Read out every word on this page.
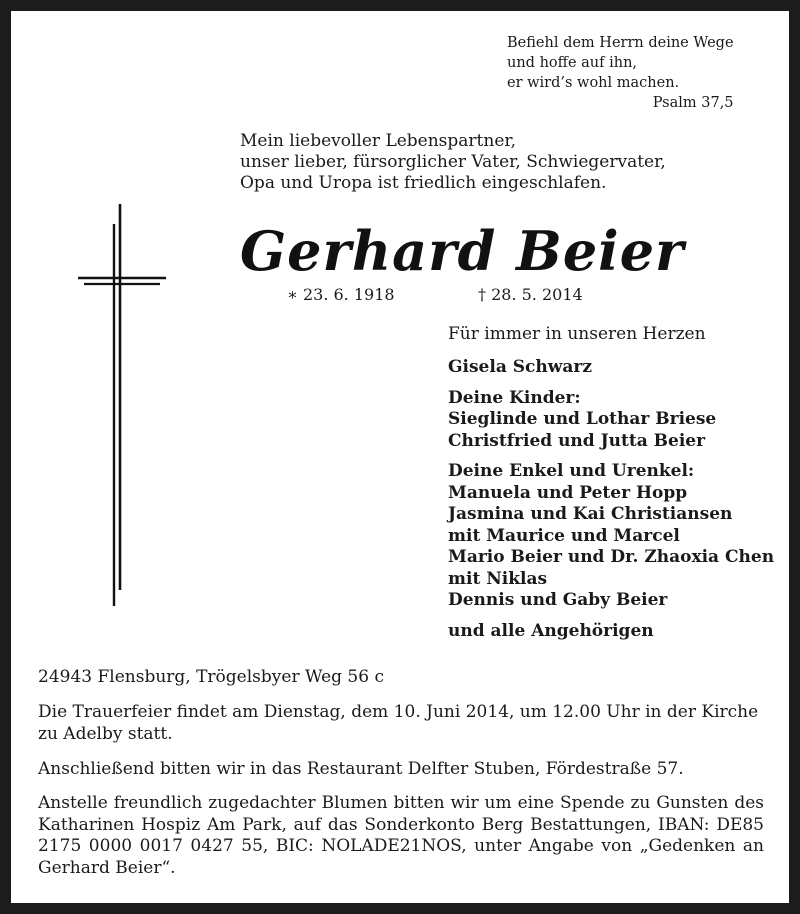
Befiehl dem Herrn deine Wege
und hoffe auf ihn,
er wird’s wohl machen.
Psalm 37,5
Mein liebevoller Lebenspartner,
unser lieber, fürsorglicher Vater, Schwiegervater,
Opa und Uropa ist friedlich eingeschlafen.
Gerhard Beier
∗ 23. 6. 1918	† 28. 5. 2014
Für immer in unseren Herzen
Gisela Schwarz
Deine Kinder:
Sieglinde und Lothar Briese
Christfried und Jutta Beier
Deine Enkel und Urenkel:
Manuela und Peter Hopp
Jasmina und Kai Christiansen
mit Maurice und Marcel
Mario Beier und Dr. Zhaoxia Chen
mit Niklas
Dennis und Gaby Beier
und alle Angehörigen
24943 Flensburg, Trögelsbyer Weg 56 c
Die Trauerfeier findet am Dienstag, dem 10. Juni 2014, um 12.00 Uhr in der Kirche zu Adelby statt.
Anschließend bitten wir in das Restaurant Delfter Stuben, Fördestraße 57.
Anstelle freundlich zugedachter Blumen bitten wir um eine Spende zu Gunsten des Katharinen Hospiz Am Park, auf das Sonderkonto Berg Bestattungen, IBAN: DE85 2175 0000 0017 0427 55, BIC: NOLADE21NOS, unter Angabe von „Gedenken an Gerhard Beier“.
